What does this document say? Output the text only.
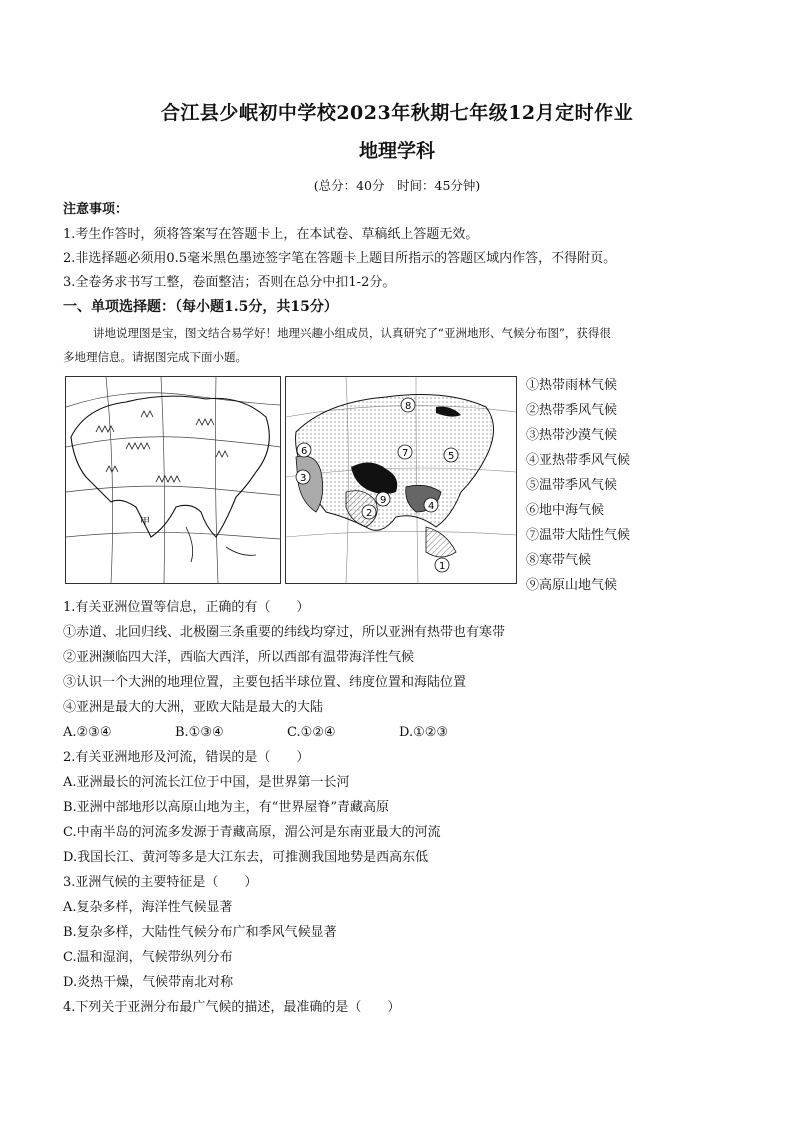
合江县少岷初中学校2023年秋期七年级12月定时作业
地理学科
(总分：40分　时间：45分钟)
注意事项：
1.考生作答时，须将答案写在答题卡上，在本试卷、草稿纸上答题无效。
2.非选择题必须用0.5毫米黑色墨迹签字笔在答题卡上题目所指示的答题区域内作答，不得附页。
3.全卷务求书写工整，卷面整洁；否则在总分中扣1-2分。
一、单项选择题：（每小题1.5分，共15分）
讲地说理图是宝，图文结合易学好！地理兴趣小组成员，认真研究了“亚洲地形、气候分布图”，获得很
多地理信息。请据图完成下面小题。
甲
8
7	5
6
3
2
9
4
1
①热带雨林气候
②热带季风气候
③热带沙漠气候
④亚热带季风气候
⑤温带季风气候
⑥地中海气候
⑦温带大陆性气候
⑧寒带气候
⑨高原山地气候
1.有关亚洲位置等信息，正确的有（　　）
①赤道、北回归线、北极圈三条重要的纬线均穿过，所以亚洲有热带也有寒带
②亚洲濒临四大洋，西临大西洋，所以西部有温带海洋性气候
③认识一个大洲的地理位置，主要包括半球位置、纬度位置和海陆位置
④亚洲是最大的大洲，亚欧大陆是最大的大陆
A.②③④	B.①③④	C.①②④	D.①②③
2.有关亚洲地形及河流，错误的是（　　）
A.亚洲最长的河流长江位于中国，是世界第一长河
B.亚洲中部地形以高原山地为主，有“世界屋脊”青藏高原
C.中南半岛的河流多发源于青藏高原，湄公河是东南亚最大的河流
D.我国长江、黄河等多是大江东去，可推测我国地势是西高东低
3.亚洲气候的主要特征是（　　）
A.复杂多样，海洋性气候显著
B.复杂多样，大陆性气候分布广和季风气候显著
C.温和湿润，气候带纵列分布
D.炎热干燥，气候带南北对称
4.下列关于亚洲分布最广气候的描述，最准确的是（　　）
